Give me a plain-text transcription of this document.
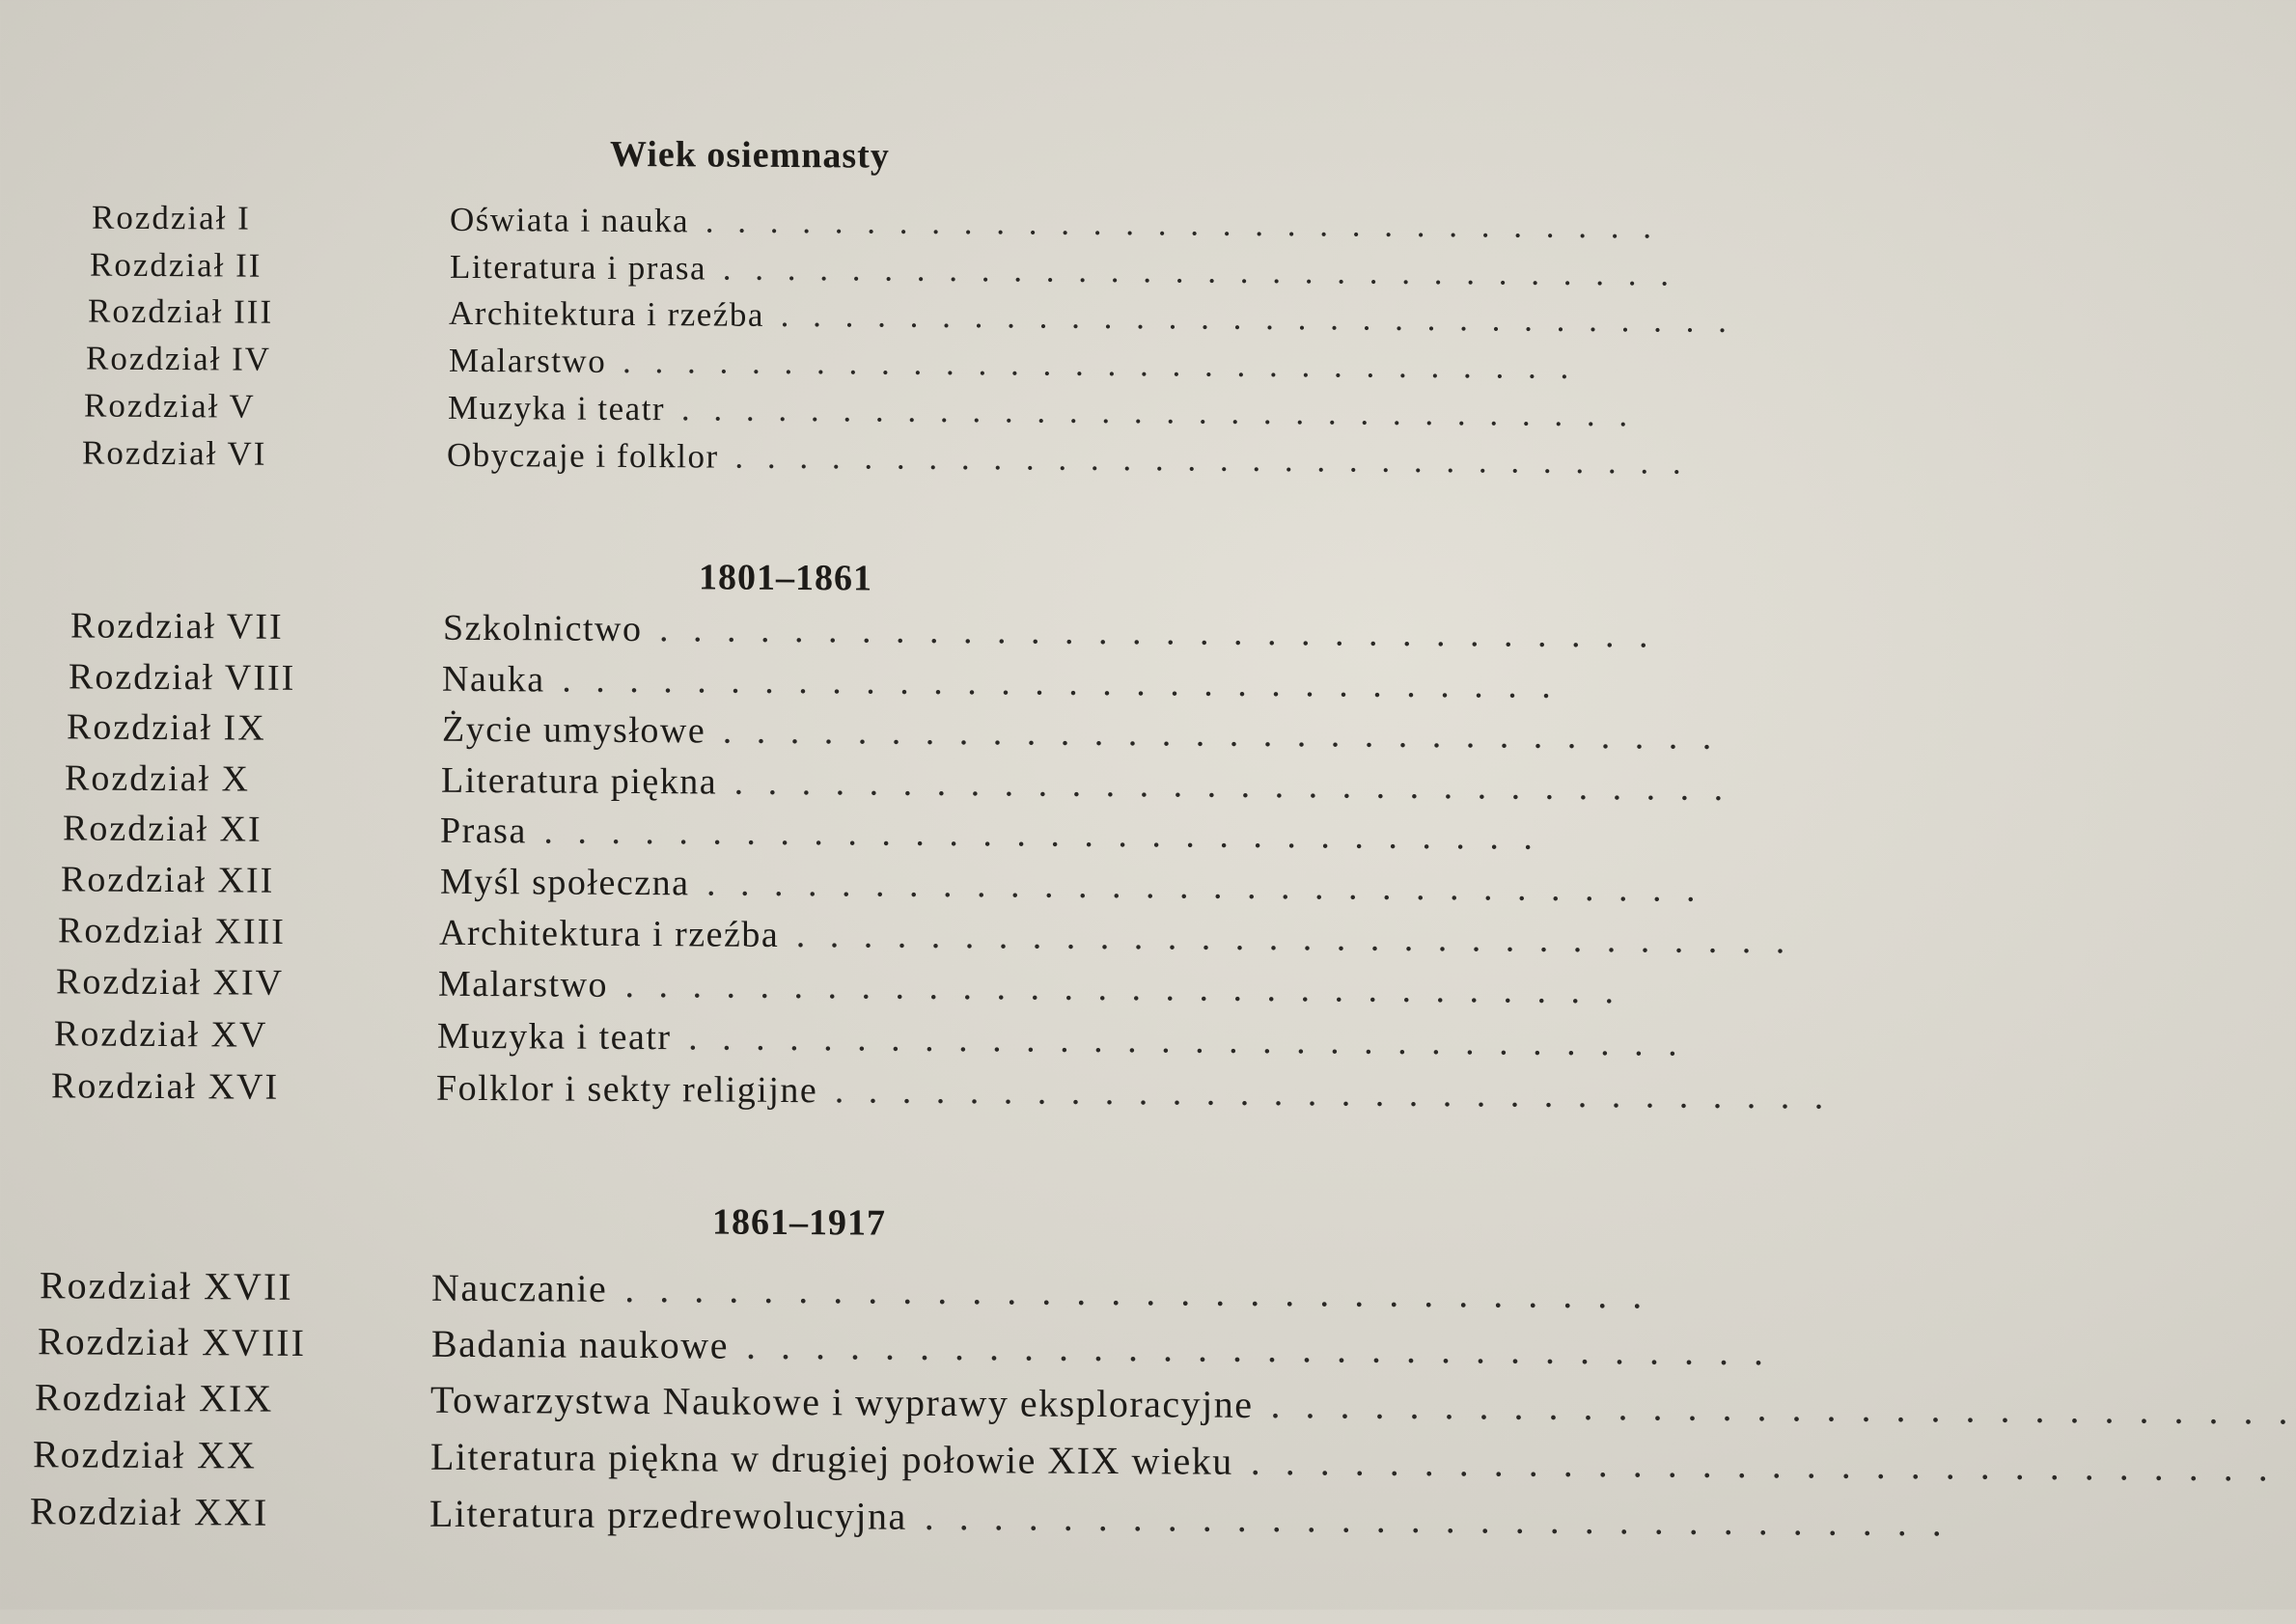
Wiek osiemnasty
Rozdział I	Oświata i nauka . . . . . . . . . . . . . . . . . . . . . . . . . . . . . .
Rozdział II	Literatura i prasa . . . . . . . . . . . . . . . . . . . . . . . . . . . . . .
Rozdział III	Architektura i rzeźba . . . . . . . . . . . . . . . . . . . . . . . . . . . . . .
Rozdział IV	Malarstwo . . . . . . . . . . . . . . . . . . . . . . . . . . . . . .
Rozdział V	Muzyka i teatr . . . . . . . . . . . . . . . . . . . . . . . . . . . . . .
Rozdział VI	Obyczaje i folklor . . . . . . . . . . . . . . . . . . . . . . . . . . . . . .
1801–1861
Rozdział VII	Szkolnictwo . . . . . . . . . . . . . . . . . . . . . . . . . . . . . .
Rozdział VIII	Nauka . . . . . . . . . . . . . . . . . . . . . . . . . . . . . .
Rozdział IX	Życie umysłowe . . . . . . . . . . . . . . . . . . . . . . . . . . . . . .
Rozdział X	Literatura piękna . . . . . . . . . . . . . . . . . . . . . . . . . . . . . .
Rozdział XI	Prasa . . . . . . . . . . . . . . . . . . . . . . . . . . . . . .
Rozdział XII	Myśl społeczna . . . . . . . . . . . . . . . . . . . . . . . . . . . . . .
Rozdział XIII	Architektura i rzeźba . . . . . . . . . . . . . . . . . . . . . . . . . . . . . .
Rozdział XIV	Malarstwo . . . . . . . . . . . . . . . . . . . . . . . . . . . . . .
Rozdział XV	Muzyka i teatr . . . . . . . . . . . . . . . . . . . . . . . . . . . . . .
Rozdział XVI	Folklor i sekty religijne . . . . . . . . . . . . . . . . . . . . . . . . . . . . . .
1861–1917
Rozdział XVII	Nauczanie . . . . . . . . . . . . . . . . . . . . . . . . . . . . . .
Rozdział XVIII	Badania naukowe . . . . . . . . . . . . . . . . . . . . . . . . . . . . . .
Rozdział XIX	Towarzystwa Naukowe i wyprawy eksploracyjne . . . . . . . . . . . . . . . . . . . . . . . . . . . . . .
Rozdział XX	Literatura piękna w drugiej połowie XIX wieku . . . . . . . . . . . . . . . . . . . . . . . . . . . . . .
Rozdział XXI	Literatura przedrewolucyjna . . . . . . . . . . . . . . . . . . . . . . . . . . . . . .
